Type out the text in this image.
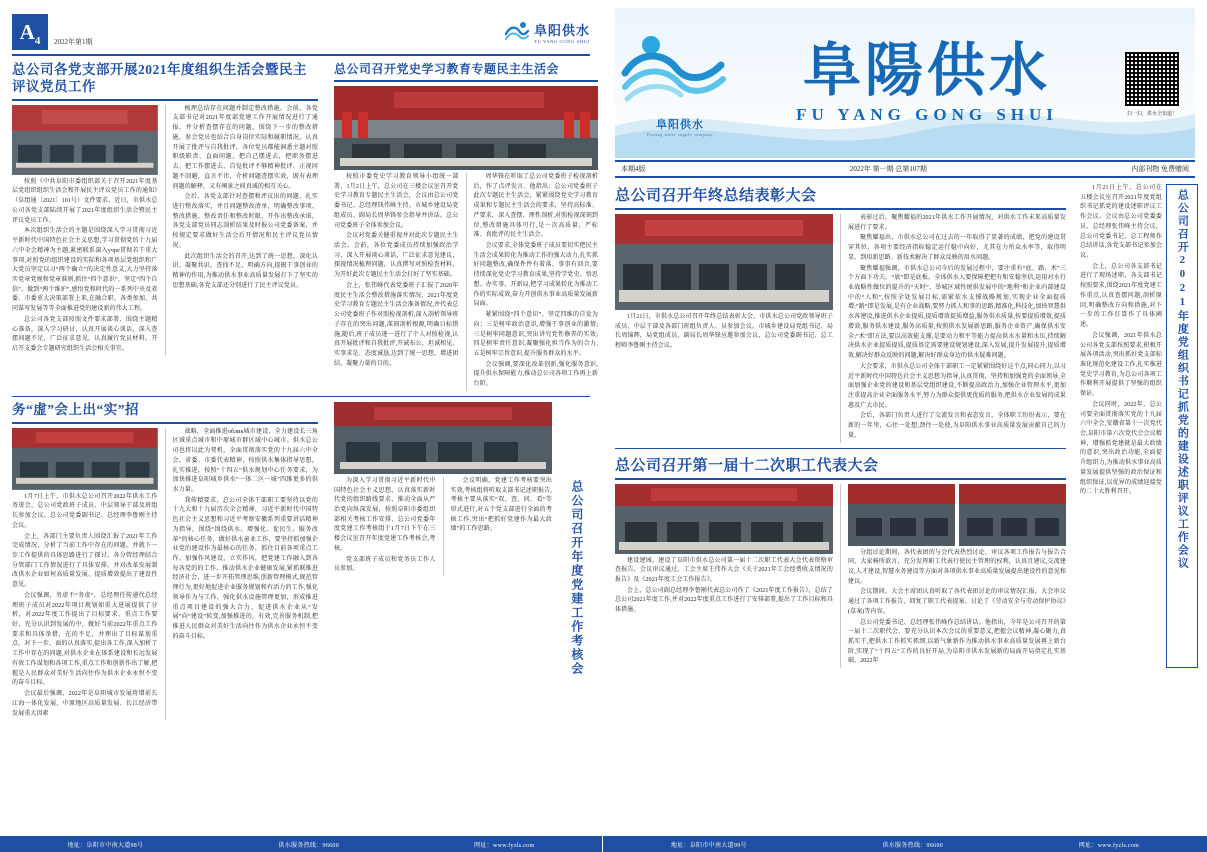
A 4 2022年第1期
阜阳供水
FU YANG GONG SHUI
总公司各党支部开展2021年度组织生活会暨民主评议党员工作

按照《中共阜阳市委组织部关于召开2021年度基层党组织组织生活会和开展民主评议党员工作的通知》（阜组通〔2021〕101号）文件要求，近日，市供水总公司各党支部陆续开展了2021年度组织生活会暨民主评议党员工作。

本次组织生活会的主题是围绕深入学习贯彻习近平新时代中国特色社会主义思想,学习贯彻党的十九届六中全会精神为主题,紧密联系深入учре贯彻若干重大事项,对照党的组织建设的实际和各项基层党组织和广大党员坚定以习“两个确立”的决定性意义,大力坚持落实党章党规和党章准则,抓住“四个意识”、坚定“四个自信”、做到“两个维护”,感悟党和时代的一系列中央及省委、市委重大决策部署上来,在融合职、各类参加、共同谋写发展等等全面推进党的建设新的伟大工程。

总公司各党支部按照文件要求部署、围绕主题精心准备，深入学习研讨，认真开展谈心谈话，深入查摆问题不足，广泛征求意见，认真履行党员材料，开启开支委会专题研究组织生活会相关事宜。

梳理总结存在问题并制定整改措施。会前，各党支部书记对2021年度部党建工作开展情况进行了通报，并分析查摆存在的问题，围绕下一步的整改措施，参会党员也结合自身岗位实际和履职情况，认真开展了批评与自我批评，各位党员都能洞悉主题对照职级职责、直面问题，把自己摆进去，把职务摆进去、把工作摆进去、自觉批评不够精神批评，正视问题不回避，直言不讳，介析问题查摆实效，既有表理问题的解释，又有阐景之间真诚的相互关心。

会后，各党支部针对查摆和评议出的问题，扎实进行整改落实，并且问题整改清单，明确整改事项、整改措施、整改责任和整改时限，开作出整改承诺，各党支部党员同志剖析结果及时报公司党委备案，并按规定要求做好生活会后开情况和民主评议党员情况。

此次组织生活会的召开,达到了统一思想、深化认识、凝聚共识、查找不足、明确方向,提振干事创业的精神的作用,为推动供水事业高质量发展打下了坚实的思想基础,各党支部还分别进行了民主评议党员。

总公司召开党史学习教育专题民主生活会

按照市委党史学习教育领导小组统一部署，1月2日上午，总公司在三楼会议室召开党史学习教育专题民主生活会，会议由总公司党委书记、总经理钱伟峰主持。市城乡建设局党组成员、副局长周华锋参会指导并讲话。总公司党委班子全体参加会议。

会议对党委关健重视并对此次专题民主生活会。会前，各位党委成员持续加强政治学习，深入开展谈心谈话，广泛征求意见建议，探视情况梳理问题，认真撰写对照检查材料，为开好此次专题民主生活会打好了坚实基础。

会上，张伟峰代表党委班子汇报了2020年度民主生活会整改措施落实情况、2021年度党史学习教育专题民主生活会准备情况,并代表总公司党委班子作对照检视剖析,深入剖析领导班子存在的突出问题,深刻剖析根源,明确目标措施,随后,班子成员逐一进行了个人对照检视,认真开展批评和自我批评,开诚布公、坦诚相见、实事求是、态度诚恳,达到了统一思想、增进团结、凝聚力量的目的。

周华锋在听取了总公司党委班子检视剖析后，作了点评发言。他指出：总公司党委班子此次专题民主生活会，紧紧围绕党史学习教育成果和专题民主生活会的要求，坚持高标准、严要求，深入查摆、理性剖析,对照检视深刻到位,整改措施具体可行,是一次高质量、严标准、真批评的民主生活会。

会议要求,全体党委班子成员要切实把民主生活会成果转化为推动工作的强大动力,扎实抓好问题整改,确保件件有着落、事事有回音,要持续深化党史学习教育成果,坚持学党史、悟思想、办实事、开新局,把学习成果转化为推动工作的实际成效,奋力开创供水事业高质量发展新局面。

紧紧围绕“四个意识”、坚定四维的自觉为向；三是树牢政治意识,增强干事创业的激情;三是树牢问题意识,突出讲究党性修养的实效;四是树牢责任意识,凝聚强化担当作为的合力,五是树牢宗旨意识,提升服务群众的水平。

会议强调,要深化改革创新,强化服务意识,提升供水保障能力,推动总公司各项工作再上新台阶。

务“虚”会上出“实”招

1月7日上午，市供水总公司召开2022年供水工作务虚会，总公司党政班子成员、中层领导干部及班组长参加会议。总公司党委副书记、总经理李鲁刚主持会议。

会上，各部门主要负责人围绕汇报了2021年工作完成情况，分析了当前工作中存在的问题，并就下一步工作提供的具体思路进行了探讨。各分管经理结合分管部门工作情况进行了具体安排，并对改革发展制改供水企业如何高质量发展、提质增效提出了建设性意见。

会议强调，务虚不“务虚”，总经理任传递代总经理班子成员对2022年项目规划如重大进展提供了分析，对2022年度工作提出了目标要求、重点工作要好、充分认识到发展的中，做好当前2022年重点工作要求和具体举措，在的不足，并理出了目标谋划重点，对下一步，面的认真落实,提出各工作,深入加析了工作中存在的问题,对供水企业在体系建设和长远发展有效工作谋划和各项工作,重点工作和创新作出了解,把握是人民群众对美好生活向往作为供水企业永恒不变的奋斗目标。

会议最后强调，2022年是阜阳城市发展将增前长江海一体化发展、中原地区高质量发展、长江经济带发展重大因素

战略，全面推进облик城市建设，全力建设长三角区域重点城市和中原城市群区域中心城市。供水总公司也将以此为契机，全面贯彻落实党的十九届六中全会、省委、市委代表精神，按照供水集体指导思想，扎实推进，按照“十四五”供水规划中心任务要求，为加快推进阜阳城乡供水“一体二区一城”四维更多的供水力量。

我传精要求，总公司全体干部职工要坚持以党的十九大和十九届历次全会精神，习近平新时代中国特色社会主义思想和习近平考察安徽系列重要讲话精神为指导，围绕“围绕供水、增强化、促民生、服务改革”的核心任务，做好供水童业工作，要坚持抓加强企业党的建设作为最核心的任务，抓住目前各项重点工作，加强作风建设，立实作风，把党建工作融入到各每各党的的工作，推动供水企业健康发展,紧抓联推进经济社会，进一步开拓管理思维,创新管理模式,规范管理行为,更好地促进企业服务规划和有活力的工作,强化领导作为与工作，强化供水设施管理更加，形成推进重点项目建设的强大合力，促进供水企业从“发展”向“建设”转变,加强推进的，有效,完善服务机制,把推进人民群众对美好生活向往作为供水企业永恒不变的奋斗目标。

为深入学习贯彻习近平新时代中国特色社会主义思想，认真落实新时代党的组织路线要求，推动全面从严治党向纵深发展，按照阜阳市委组织部相关考核工作安排，总公司党委年度党建工作考核组于1月7日下午在三楼会议室召开年度党建工作考核会,考核。

党支部班子成员和党务员工作人员参加。

会议明确，党建工作考核要突出实效,考核组将听取支部书记述职报告,考核主要从落实“双、查、问、看”等形式进行,对五个党支部进行全面的考核工作,突出“把抓好党建作为最大政绩”的工作思路。	总公司召开年度党建工作考核会
地址：阜阳市中南大道98号	供水服务热线：96600	网址：www.fyzls.com
阜阳供水
Fuyang water supply company
阜陽供水
FU YANG GONG SHUI	扫一扫，供水全知道！
本期4版	2022年 第一期 总第107期	内部刊物 免费赠阅
总公司召开年终总结表彰大会

1月21日，市供水总公司召开年终总结表彰大会，市供水总公司党政领导班子成员、中层干部及各部门班组负责人、员参加会议。市城乡建设局党组书记、局长周锦辉，局党组成员、副局长周华锋应邀参加会议，总公司党委副书记、总工程师李鲁刚主持会议。

表彰过后，聚焦耀福的2021年供水工作开展情况，对供水工作未来高质量发展进行了要求。

聚焦耀福出，市供水总公司在过去的一年取得了显著的成绩，把党的建设贯穿其位，各项主要经济指标稳定运行稳中向好，尤其在力所众水率等，取得明显，到用新思路、新技术解决了群众反映的用水问题。

聚焦耀福强调，市供水总公司今后的发展过程中，要注重有“底、路、术”三个方面下功夫。“底”即是底板，全体供水人要保障把把有和安稳坚信,运用对水行业战略性做位的提升的“天时”、举城区域性统供发展中的“地利”和企业内部建设中的“人和”,按照全处发展目标,需紧依水支撑战略规划,实现企业全面提质增;“路”即是发展,是有企业战略,要努力抓人和事的思路,精准化,科技化,加快智慧供水各建设,推进供水企业提质,提质增效提质增益,服务供水质量,按要提质增效,提质增效,服务供水建设,服务高质量,按照供水发展新思路,服务企业资产,确保供水安全;“术”即方法,要以高效能支撑,是要动力和平等能力提高供水水量和水压,持续解决供水企业提质提质,提质基定需要建设规划建设,深入发展,提升发展提升,提质增效,解决好群众反映的问题,解决好群众身边的供水疑难问题。

大会要求，市供水总公司全体干部职工一定紧紧围绕好这个点,同心同力,以习近平新时代中国特色社会主义思想为指导,认真贯彻，坚持和加强党的全面领导,全面加强企业党的建设和基层党组织建设,不断提高政治力,加强企业管理水平,更加注重提高企业全面服务水平,努力为群众提供更优质的服务,把供水企业发展的成果惠及广大市民。

会后，各部门负责人进行了交流发言和表态发言，全体职工纷纷表示，要在新的一年里，心往一处想,劲往一处使,为阜阳供水事业高质量发展贡献自己的力量。

总公司召开第一届十二次职工代表大会

建设建园，建设了阜阳市供水总公司第一届十二次职工代表大会代表资格审查报告，会议审议通过。工会主席王伟作大会《关于2021年工会经费收支情况的报告》及《2021年度工会工作报告》。

会上，总公司副总经理李鲁刚代表总公司作了《2021年度工作报告》，总结了总公司2021年度工作,并对2022年度重点工作进行了安排部署,提出了工作目标和具体措施。

分组讨论期间，各代表团的与会代表热烈讨论，审议各项工作报告与报告合同，大家畅所欲言，充分发挥职工代表行使民主管理的权利，认真且建议,交流建议,人才建设,智慧水务建设等方面对各项供水事业高质量发展提出建设性的意见和建议。

会议期间，大会主席团认真听取了各代表团讨论的审议情况汇报，大会审议通过了各项工作报告，回复了职工代表提案。讨论了《劳动安全与劳动保护协议》(草案)等内容。

总公司党委书记、总经理张伟峰作总结讲话。他指出，今年是公司召开的第一届十二次职代会，要充分认识本次会议的重要意义,把握会议精神,凝心聚力,真抓实干,把供水工作抓实抓细,以新气象新作为推动供水事业高质量发展再上新台阶,实现了“十四五”工作的良好开局,为阜阳市供水发展新的局面开局奠定扎实基础。2022年

1月21日上午，总公司在五楼会议室召开2021年度党组织书记抓党的建设述职评议工作会议。会议由总公司党委委员、总经理张伟峰主持会议，总公司党委书记、总工程师作总结讲话,各党支部书记参加会议。

会上，总公司各支部书记进行了现场述职，各支部书记按照要求,围绕2021年度党建工作重点,认真查摆问题,剖析原因,明确整改方向和措施,对下一步的工作打算作了具体阐述。

会议强调，2021年供水总公司各党支部按照要求,积极开展各项活动,突出抓好党支部标准化规范化建设工作,扎实推进党史学习教育,为总公司各项工作顺利开展提供了坚强的组织保证。

会议同时，2022年，总公司要全面贯彻落实党的十九届六中全会,安徽省第十一次党代会,阜阳市第六次党代会会议精神，增强抓党建就是最大政绩的意识,突出政治功能,全面提升组织力,为推动供水事业高质量发展提供坚强的政治保证和组织保证,以优异的成绩迎接党的二十大胜利召开。	总公司召开2021年度党组织书记抓党的建设述职评议工作会议
地址：阜阳市中南大道99号	供水服务热线：96600	网址：www.fyzls.com
